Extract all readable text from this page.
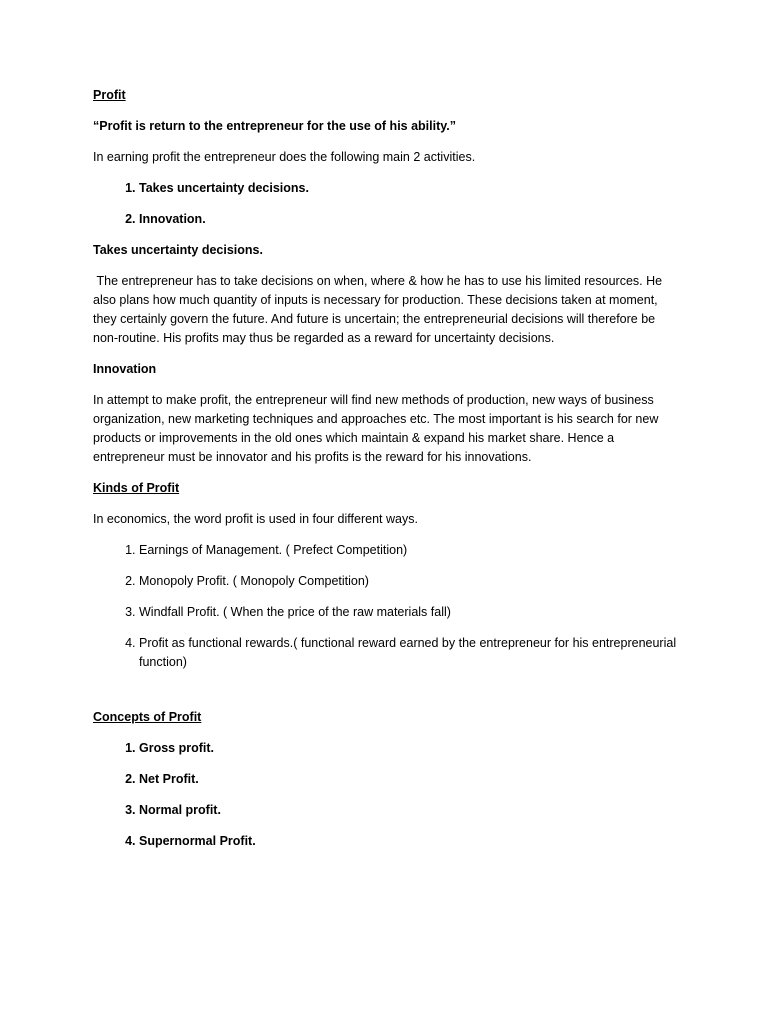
Profit

“Profit is return to the entrepreneur for the use of his ability.”

In earning profit the entrepreneur does the following main 2 activities.

1. Takes uncertainty decisions.
2. Innovation.

Takes uncertainty decisions.

The entrepreneur has to take decisions on when, where & how he has to use his limited resources. He also plans how much quantity of inputs is necessary for production. These decisions taken at moment, they certainly govern the future. And future is uncertain; the entrepreneurial decisions will therefore be non-routine. His profits may thus be regarded as a reward for uncertainty decisions.

Innovation

In attempt to make profit, the entrepreneur will find new methods of production, new ways of business organization, new marketing techniques and approaches etc. The most important is his search for new products or improvements in the old ones which maintain & expand his market share. Hence a entrepreneur must be innovator and his profits is the reward for his innovations.

Kinds of Profit

In economics, the word profit is used in four different ways.

1. Earnings of Management. ( Prefect Competition)
2. Monopoly Profit. ( Monopoly Competition)
3. Windfall Profit. ( When the price of the raw materials fall)
4. Profit as functional rewards.( functional reward earned by the entrepreneur for his entrepreneurial function)

Concepts of Profit

1. Gross profit.
2. Net Profit.
3. Normal profit.
4. Supernormal Profit.
